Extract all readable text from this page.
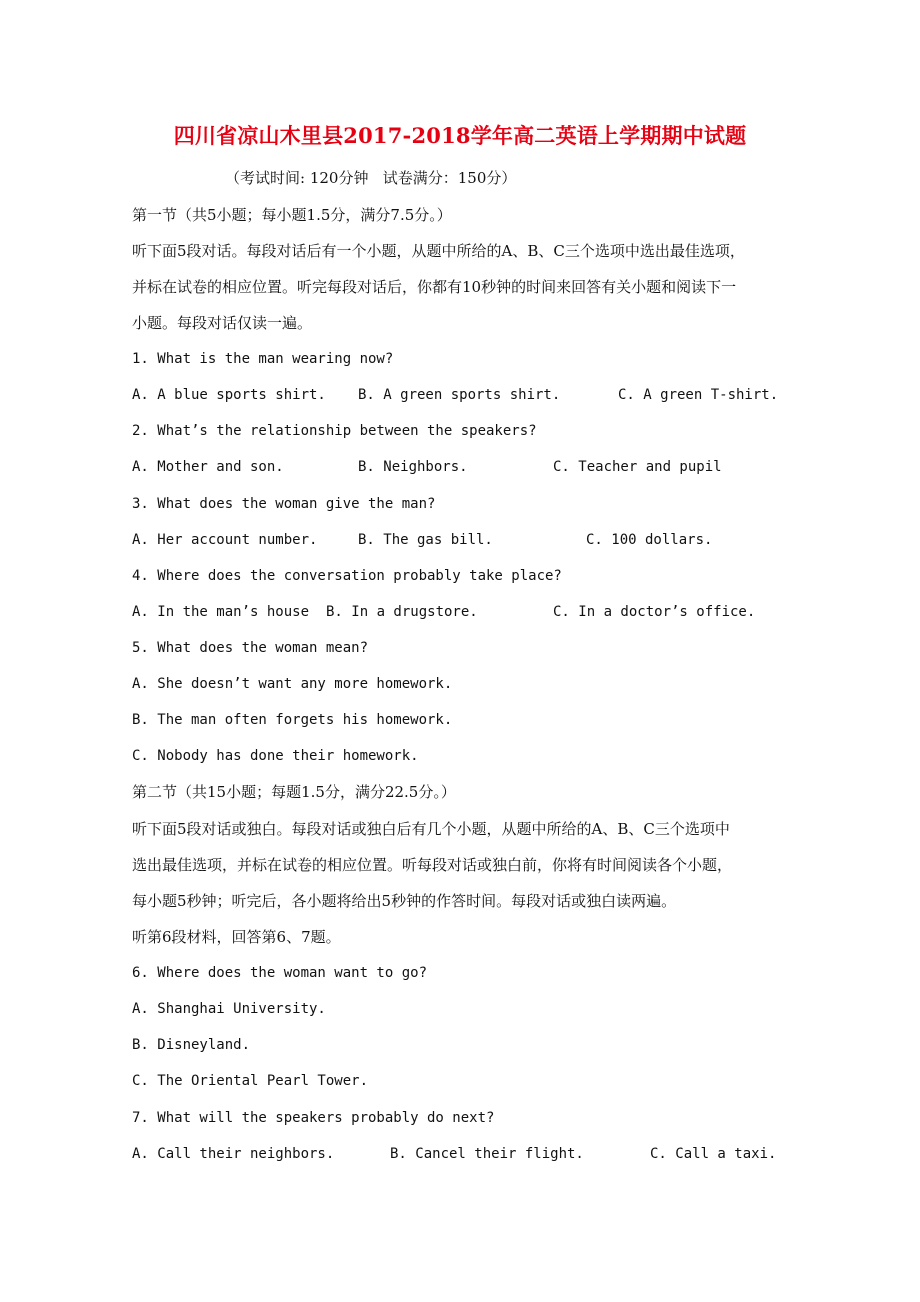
四川省凉山木里县2017-2018学年高二英语上学期期中试题
（考试时间: 120分钟   试卷满分：150分）
第一节（共5小题；每小题1.5分，满分7.5分。）
听下面5段对话。每段对话后有一个小题，从题中所给的A、B、C三个选项中选出最佳选项，
并标在试卷的相应位置。听完每段对话后，你都有10秒钟的时间来回答有关小题和阅读下一
小题。每段对话仅读一遍。
1. What is the man wearing now?
A. A blue sports shirt. B. A green sports shirt.	C. A green T-shirt.
2. What’s the relationship between the speakers?
A. Mother and son.	B. Neighbors.	C. Teacher and pupil
3. What does the woman give the man?
A. Her account number.	B. The gas bill.	C. 100 dollars.
4. Where does the conversation probably take place?
A. In the man’s house B. In a drugstore.	C. In a doctor’s office.
5. What does the woman mean?
A. She doesn’t want any more homework.
B. The man often forgets his homework.
C. Nobody has done their homework.
第二节（共15小题；每题1.5分，满分22.5分。）
听下面5段对话或独白。每段对话或独白后有几个小题，从题中所给的A、B、C三个选项中
选出最佳选项，并标在试卷的相应位置。听每段对话或独白前，你将有时间阅读各个小题，
每小题5秒钟；听完后，各小题将给出5秒钟的作答时间。每段对话或独白读两遍。
听第6段材料，回答第6、7题。
6. Where does the woman want to go?
A. Shanghai University.
B. Disneyland.
C. The Oriental Pearl Tower.
7. What will the speakers probably do next?
A. Call their neighbors.	B. Cancel their flight.	C. Call a taxi.
